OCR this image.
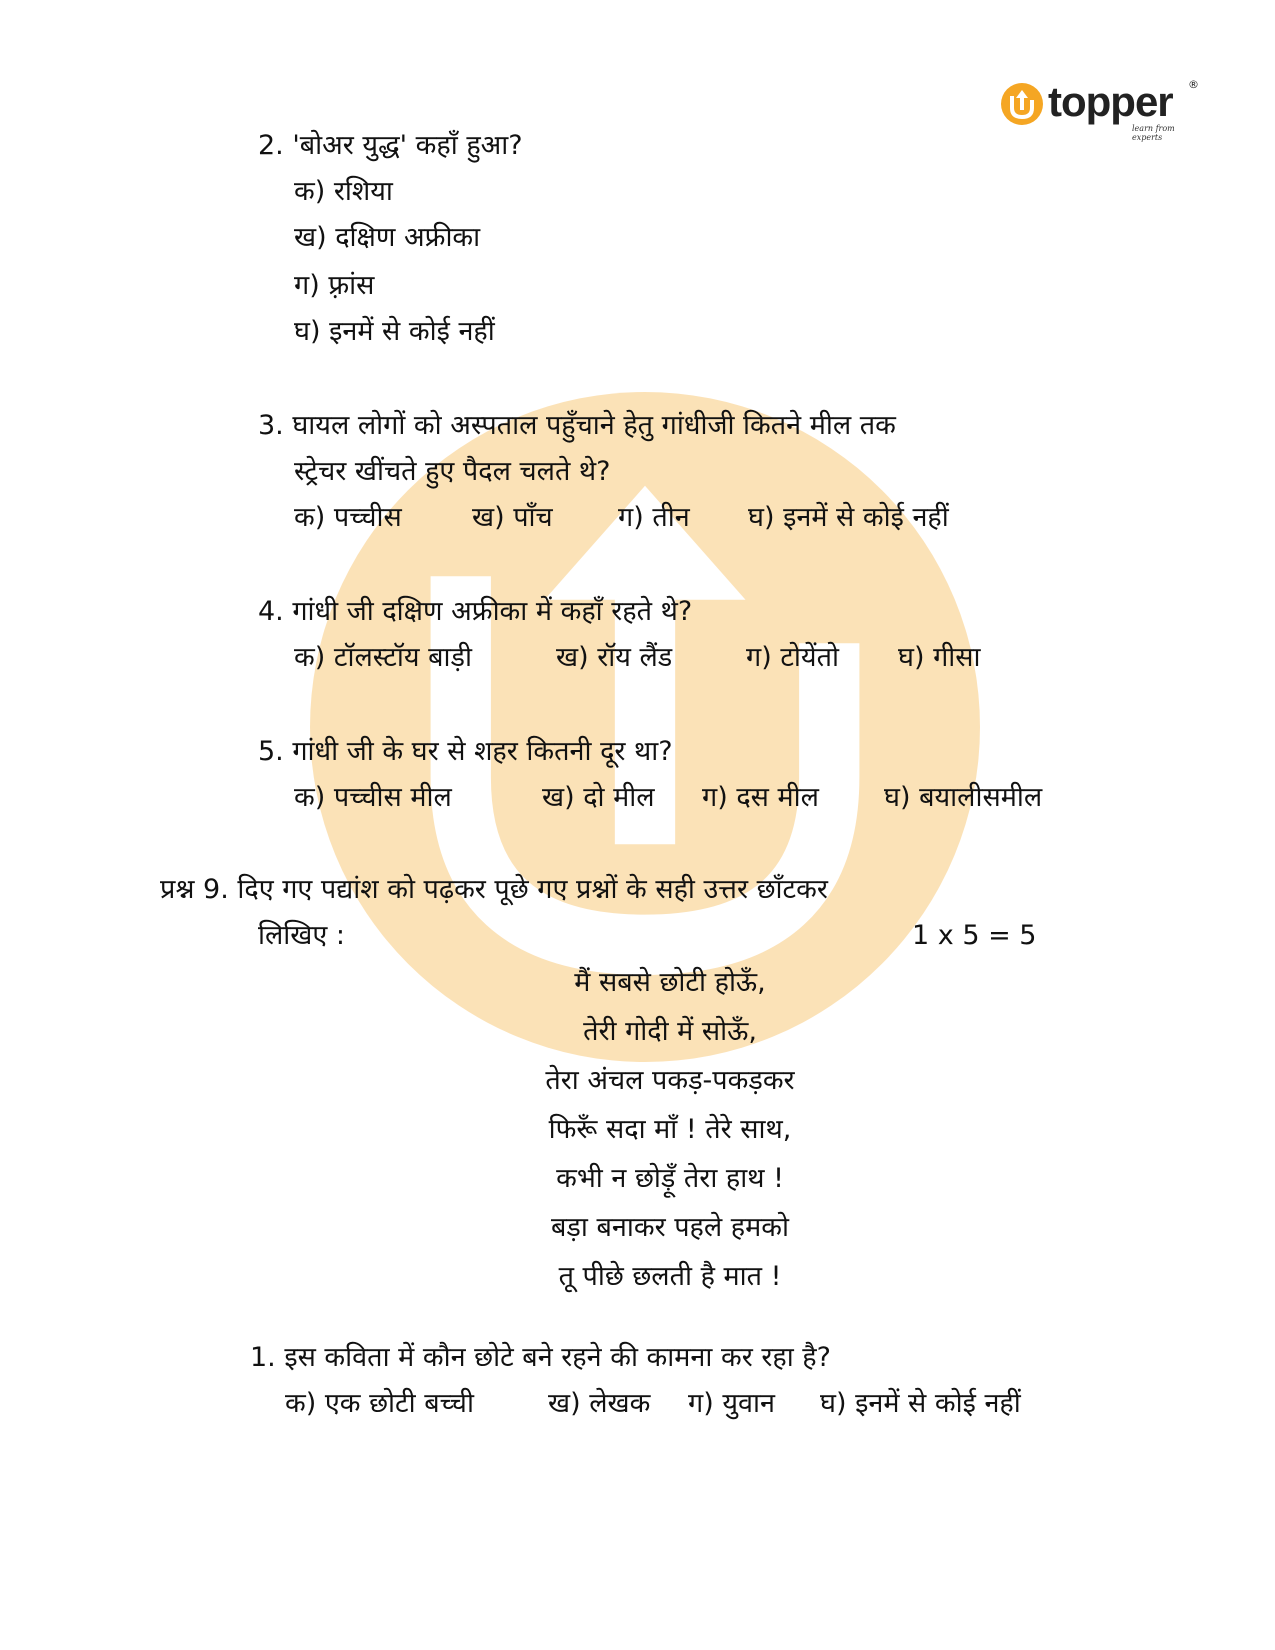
topper ®
learn from experts
2. 'बोअर युद्ध' कहाँ हुआ?
क) रशिया
ख) दक्षिण अफ्रीका
ग) फ़्रांस
घ) इनमें से कोई नहीं
3. घायल लोगों को अस्पताल पहुँचाने हेतु गांधीजी कितने मील तक
स्ट्रेचर खींचते हुए पैदल चलते थे?
क) पच्चीस	ख) पाँच ग) तीन घ) इनमें से कोई नहीं
4. गांधी जी दक्षिण अफ्रीका में कहाँ रहते थे?
क) टॉलस्टॉय बाड़ी	ख) रॉय लैंड	ग) टोयेंतो घ) गीसा
5. गांधी जी के घर से शहर कितनी दूर था?
क) पच्चीस मील	ख) दो मील ग) दस मील घ) बयालीसमील
प्रश्न 9. दिए गए पद्यांश को पढ़कर पूछे गए प्रश्नों के सही उत्तर छाँटकर
लिखिए :	1 x 5 = 5
मैं सबसे छोटी होऊँ,
तेरी गोदी में सोऊँ,
तेरा अंचल पकड़-पकड़कर
फिरूँ सदा माँ ! तेरे साथ,
कभी न छोड़ूँ तेरा हाथ !
बड़ा बनाकर पहले हमको
तू पीछे छलती है मात !
1. इस कविता में कौन छोटे बने रहने की कामना कर रहा है?
क) एक छोटी बच्ची	ख) लेखक ग) युवान घ) इनमें से कोई नहीं
